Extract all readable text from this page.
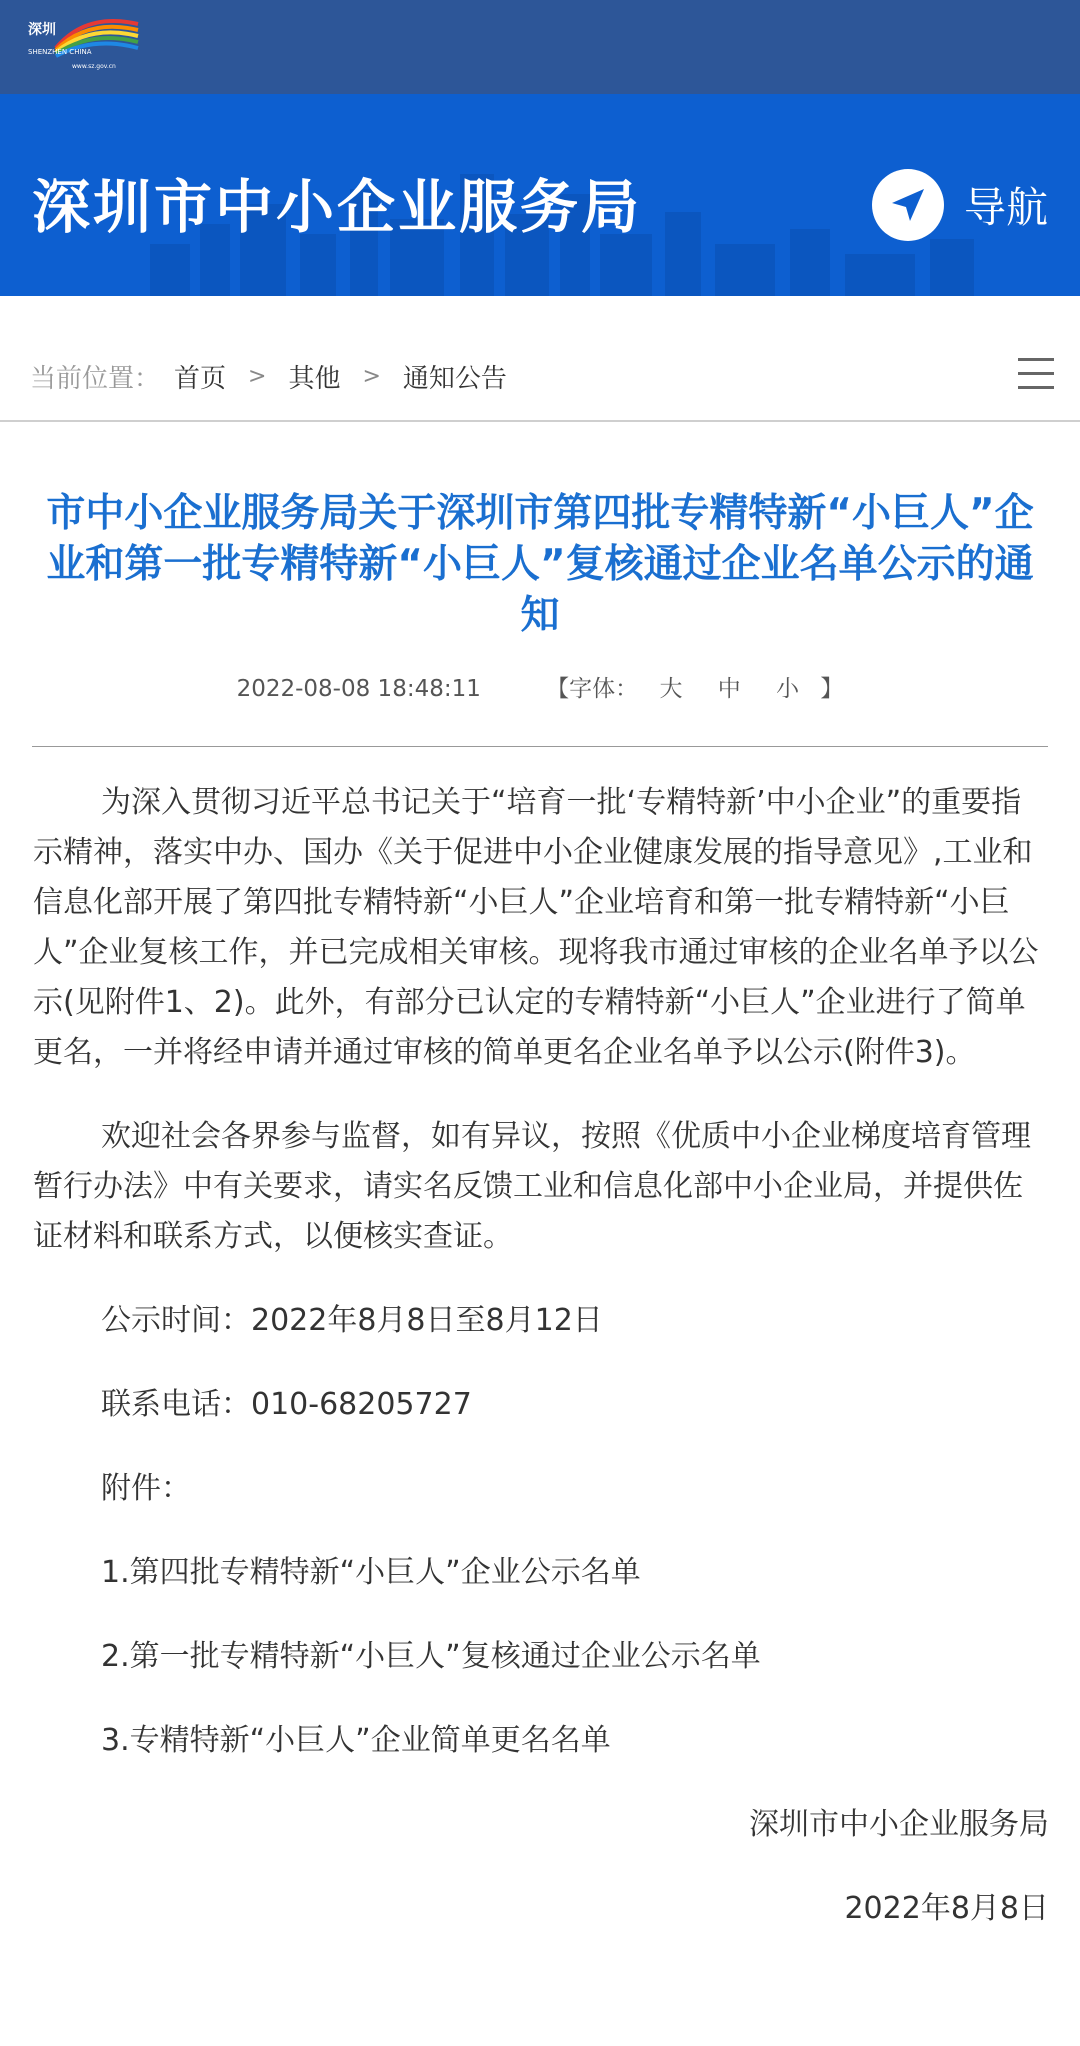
深圳
SHENZHEN CHINA
www.sz.gov.cn
深圳市中小企业服务局	导航
当前位置： 首页 > 其他 > 通知公告
市中小企业服务局关于深圳市第四批专精特新“小巨人”企业和第一批专精特新“小巨人”复核通过企业名单公示的通知
2022-08-08 18:48:11	【字体： 大 中 小 】

为深入贯彻习近平总书记关于“培育一批‘专精特新’中小企业”的重要指示精神，落实中办、国办《关于促进中小企业健康发展的指导意见》,工业和信息化部开展了第四批专精特新“小巨人”企业培育和第一批专精特新“小巨人”企业复核工作，并已完成相关审核。现将我市通过审核的企业名单予以公示(见附件1、2)。此外，有部分已认定的专精特新“小巨人”企业进行了简单更名，一并将经申请并通过审核的简单更名企业名单予以公示(附件3)。

欢迎社会各界参与监督，如有异议，按照《优质中小企业梯度培育管理暂行办法》中有关要求，请实名反馈工业和信息化部中小企业局，并提供佐证材料和联系方式，以便核实查证。

公示时间：2022年8月8日至8月12日
联系电话：010-68205727
附件：
1.第四批专精特新“小巨人”企业公示名单
2.第一批专精特新“小巨人”复核通过企业公示名单
3.专精特新“小巨人”企业简单更名名单
深圳市中小企业服务局
2022年8月8日
